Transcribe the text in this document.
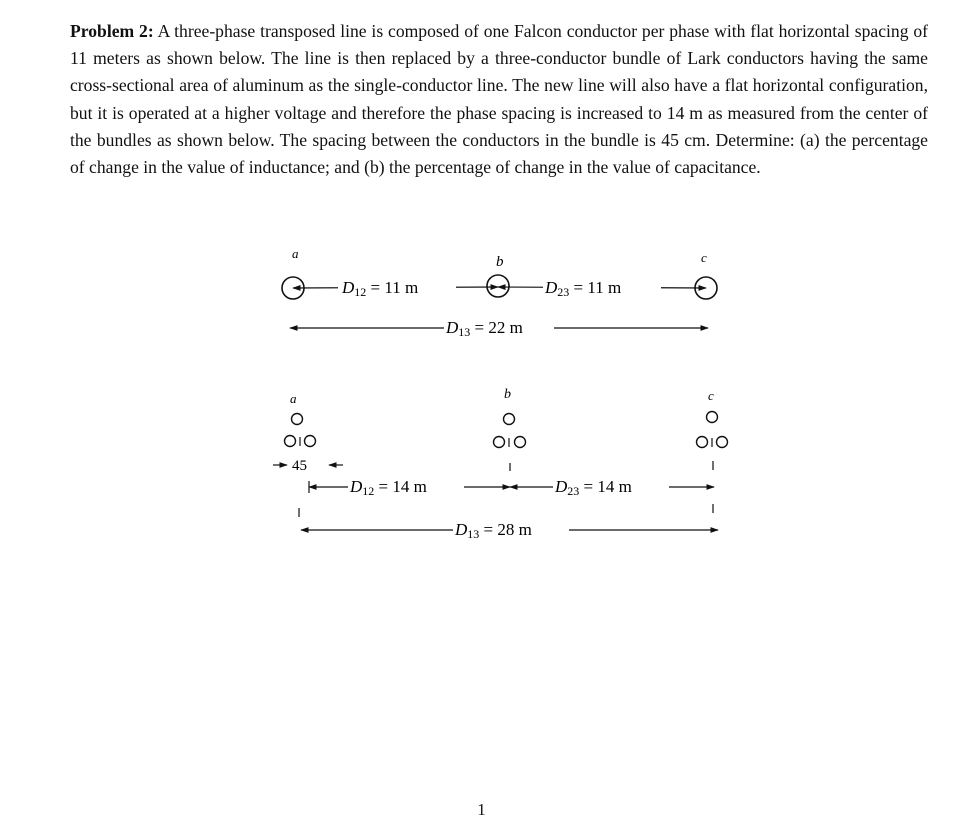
Problem 2: A three-phase transposed line is composed of one Falcon conductor per phase with flat horizontal spacing of 11 meters as shown below. The line is then replaced by a three-conductor bundle of Lark conductors having the same cross-sectional area of aluminum as the single-conductor line. The new line will also have a flat horizontal configuration, but it is operated at a higher voltage and therefore the phase spacing is increased to 14 m as measured from the center of the bundles as shown below. The spacing between the conductors in the bundle is 45 cm. Determine: (a) the percentage of change in the value of inductance; and (b) the percentage of change in the value of capacitance.

a
b	c
D12 = 11 m	D23 = 11 m
D13 = 22 m
a	b	c
45
D12 = 14 m	D23 = 14 m
D13 = 28 m
1
